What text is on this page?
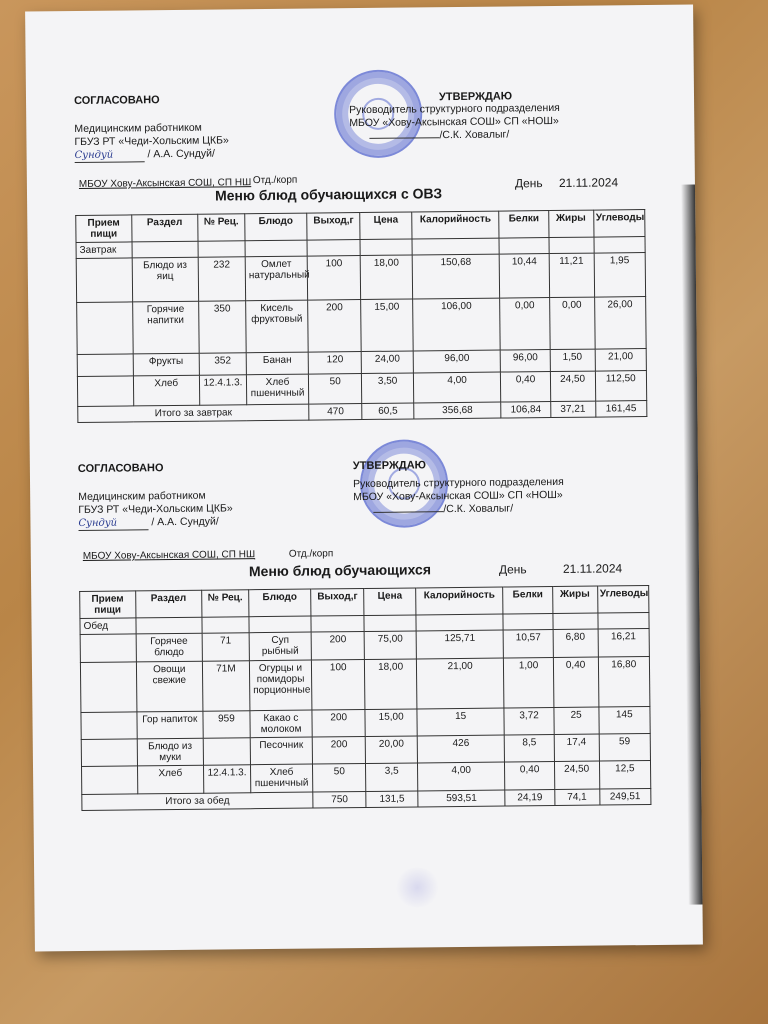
СОГЛАСОВАНО
Медицинским работником
ГБУЗ РТ «Чеди-Хольским ЦКБ»
Сундуй	/ А.А. Сундуй/
УТВЕРЖДАЮ
Руководитель структурного подразделения
МБОУ «Хову-Аксынская СОШ» СП «НОШ»
/С.К. Ховалыг/
МБОУ Хову-Аксынская СОШ, СП НШ Отд./корп
Меню блюд обучающихся с ОВЗ
День 21.11.2024
Прием пищи	Раздел	№ Рец.	Блюдо	Выход,г	Цена	Калорийность	Белки	Жиры	Углеводы
Завтрак									
	Блюдо из яиц	232	Омлет натуральный	100	18,00	150,68	10,44	11,21	1,95
	Горячие напитки	350	Кисель фруктовый	200	15,00	106,00	0,00	0,00	26,00
	Фрукты	352	Банан	120	24,00	96,00	96,00	1,50	21,00
	Хлеб	12.4.1.3.	Хлеб пшеничный	50	3,50	4,00	0,40	24,50	112,50
Итого за завтрак				470	60,5	356,68	106,84	37,21	161,45
СОГЛАСОВАНО
Медицинским работником
ГБУЗ РТ «Чеди-Хольским ЦКБ»
Сундуй	/ А.А. Сундуй/
УТВЕРЖДАЮ
Руководитель структурного подразделения
МБОУ «Хову-Аксынская СОШ» СП «НОШ»
/С.К. Ховалыг/
МБОУ Хову-Аксынская СОШ, СП НШ	Отд./корп
Меню блюд обучающихся	День	21.11.2024
Прием пищи	Раздел	№ Рец.	Блюдо	Выход,г	Цена	Калорийность	Белки	Жиры	Углеводы
Обед									
	Горячее блюдо	71	Суп рыбный	200	75,00	125,71	10,57	6,80	16,21
	Овощи свежие	71М	Огурцы и помидоры порционные	100	18,00	21,00	1,00	0,40	16,80
	Гор напиток	959	Какао с молоком	200	15,00	15	3,72	25	145
	Блюдо из муки		Песочник	200	20,00	426	8,5	17,4	59
	Хлеб	12.4.1.3.	Хлеб пшеничный	50	3,5	4,00	0,40	24,50	12,5
Итого за обед				750	131,5	593,51	24,19	74,1	249,51
